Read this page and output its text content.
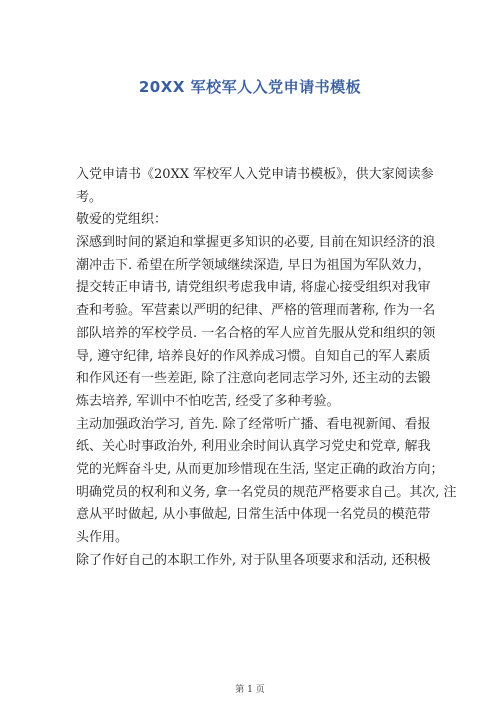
20XX 军校军人入党申请书模板
入党申请书《20XX 军校军人入党申请书模板》，供大家阅读参
考。
敬爱的党组织：
深感到时间的紧迫和掌握更多知识的必要, 目前在知识经济的浪
潮冲击下. 希望在所学领域继续深造, 早日为祖国为军队效力，
提交转正申请书, 请党组织考虑我申请, 将虚心接受组织对我审
查和考验。军营素以严明的纪律、严格的管理而著称, 作为一名
部队培养的军校学员. 一名合格的军人应首先服从党和组织的领
导, 遵守纪律, 培养良好的作风养成习惯。自知自己的军人素质
和作风还有一些差距, 除了注意向老同志学习外, 还主动的去锻
炼去培养, 军训中不怕吃苦, 经受了多种考验。
主动加强政治学习, 首先. 除了经常听广播、看电视新闻、看报
纸、关心时事政治外, 利用业余时间认真学习党史和党章, 解我
党的光辉奋斗史, 从而更加珍惜现在生活, 坚定正确的政治方向；
明确党员的权利和义务, 拿一名党员的规范严格要求自己。其次, 注
意从平时做起, 从小事做起, 日常生活中体现一名党员的模范带
头作用。
除了作好自己的本职工作外, 对于队里各项要求和活动, 还积极
第 1 页
